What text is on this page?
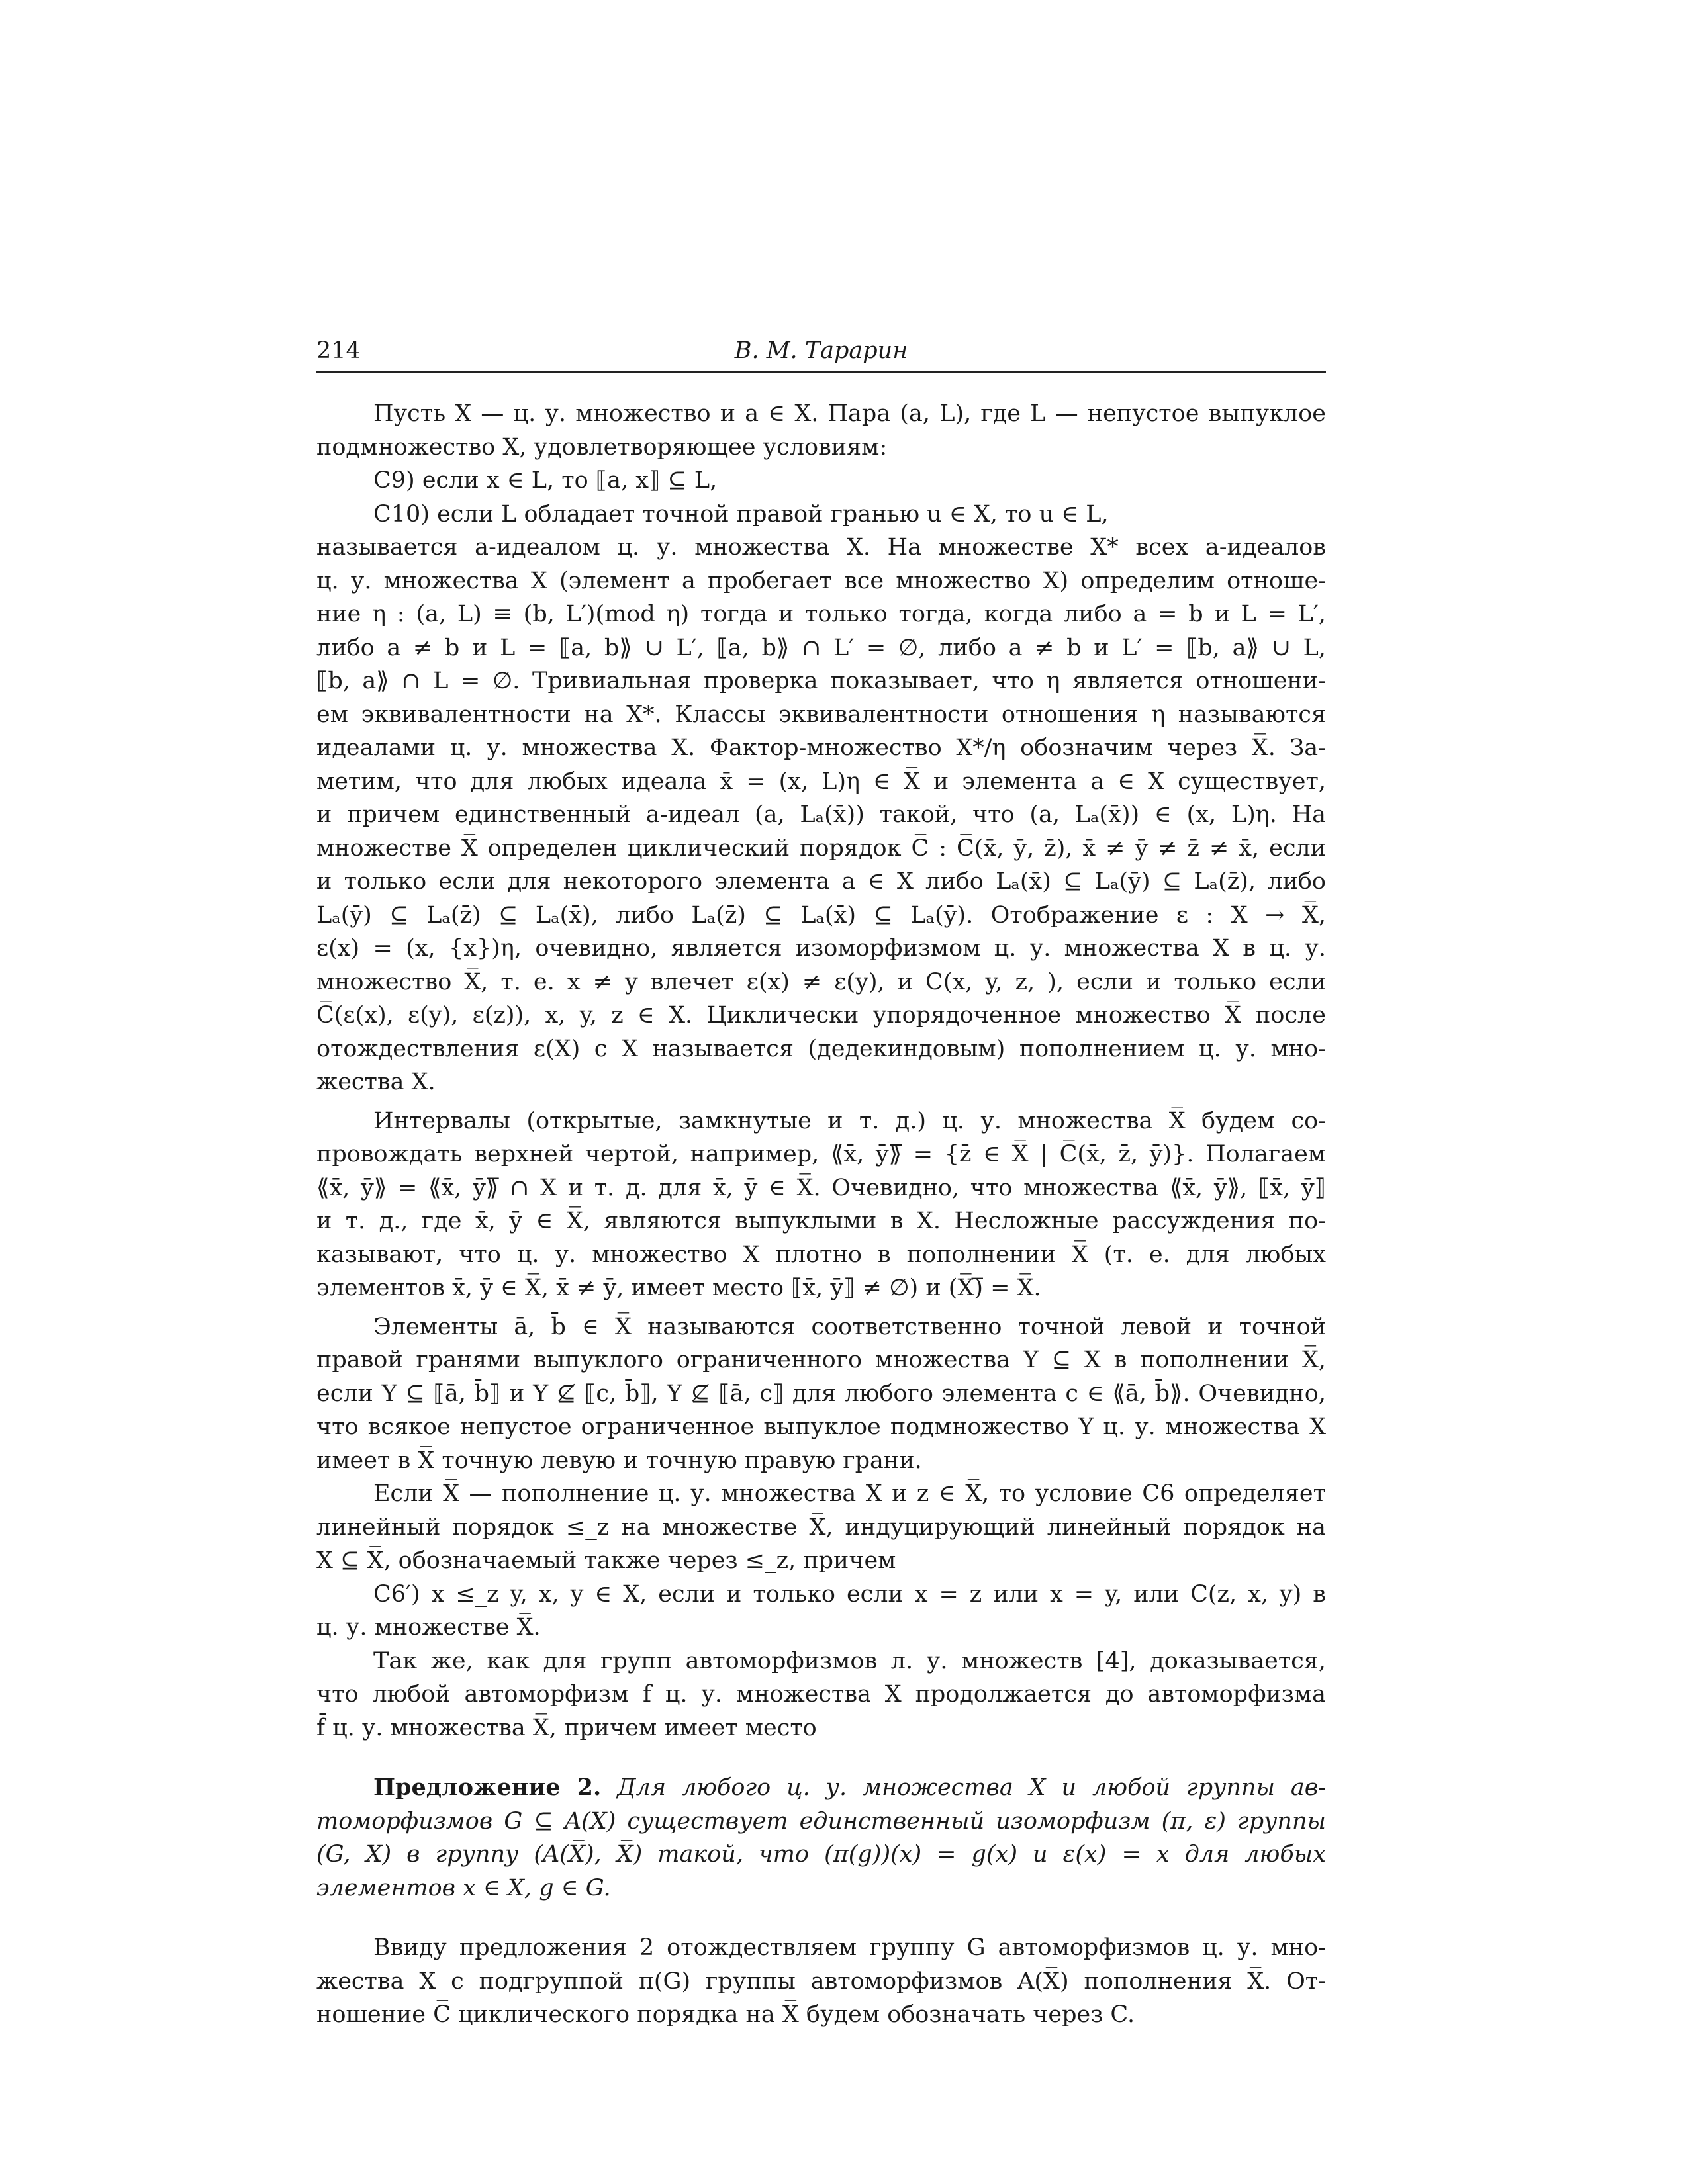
214	В. М. Тарарин
Пусть X — ц. у. множество и a ∈ X. Пара (a, L), где L — непустое выпуклое
подмножество X, удовлетворяющее условиям:
C9) если x ∈ L, то ⟦a, x⟧ ⊆ L,
C10) если L обладает точной правой гранью u ∈ X, то u ∈ L,
называется a-идеалом ц. у. множества X. На множестве X* всех a-идеалов
ц. у. множества X (элемент a пробегает все множество X) определим отноше-
ние η : (a, L) ≡ (b, L′)(mod η) тогда и только тогда, когда либо a = b и L = L′,
либо a ≠ b и L = ⟦a, b⟫ ∪ L′, ⟦a, b⟫ ∩ L′ = ∅, либо a ≠ b и L′ = ⟦b, a⟫ ∪ L,
⟦b, a⟫ ∩ L = ∅. Тривиальная проверка показывает, что η является отношени-
ем эквивалентности на X*. Классы эквивалентности отношения η называются
идеалами ц. у. множества X. Фактор-множество X*/η обозначим через X̅. За-
метим, что для любых идеала x̄ = (x, L)η ∈ X̅ и элемента a ∈ X существует,
и причем единственный a-идеал (a, Lₐ(x̄)) такой, что (a, Lₐ(x̄)) ∈ (x, L)η. На
множестве X̅ определен циклический порядок C̅ : C̅(x̄, ȳ, z̄), x̄ ≠ ȳ ≠ z̄ ≠ x̄, если
и только если для некоторого элемента a ∈ X либо Lₐ(x̄) ⊆ Lₐ(ȳ) ⊆ Lₐ(z̄), либо
Lₐ(ȳ) ⊆ Lₐ(z̄) ⊆ Lₐ(x̄), либо Lₐ(z̄) ⊆ Lₐ(x̄) ⊆ Lₐ(ȳ). Отображение ε : X → X̅,
ε(x) = (x, {x})η, очевидно, является изоморфизмом ц. у. множества X в ц. у.
множество X̅, т. е. x ≠ y влечет ε(x) ≠ ε(y), и C(x, y, z, ), если и только если
C̅(ε(x), ε(y), ε(z)), x, y, z ∈ X. Циклически упорядоченное множество X̅ после
отождествления ε(X) с X называется (дедекиндовым) пополнением ц. у. мно-
жества X.
Интервалы (открытые, замкнутые и т. д.) ц. у. множества X̅ будем со-
провождать верхней чертой, например, ⟪x̄, ȳ⟫̅ = {z̄ ∈ X̅ | C̅(x̄, z̄, ȳ)}. Полагаем
⟪x̄, ȳ⟫ = ⟪x̄, ȳ⟫̅ ∩ X и т. д. для x̄, ȳ ∈ X̅. Очевидно, что множества ⟪x̄, ȳ⟫, ⟦x̄, ȳ⟧
и т. д., где x̄, ȳ ∈ X̅, являются выпуклыми в X. Несложные рассуждения по-
казывают, что ц. у. множество X плотно в пополнении X̅ (т. е. для любых
элементов x̄, ȳ ∈ X̅, x̄ ≠ ȳ, имеет место ⟦x̄, ȳ⟧ ≠ ∅) и (X̅)̅ = X̅.
Элементы ā, b̄ ∈ X̅ называются соответственно точной левой и точной
правой гранями выпуклого ограниченного множества Y ⊆ X в пополнении X̅,
если Y ⊆ ⟦ā, b̄⟧ и Y ⊈ ⟦c, b̄⟧, Y ⊈ ⟦ā, c⟧ для любого элемента c ∈ ⟪ā, b̄⟫. Очевидно,
что всякое непустое ограниченное выпуклое подмножество Y ц. у. множества X
имеет в X̅ точную левую и точную правую грани.
Если X̅ — пополнение ц. у. множества X и z ∈ X̅, то условие C6 определяет
линейный порядок ≤_z на множестве X̅, индуцирующий линейный порядок на
X ⊆ X̅, обозначаемый также через ≤_z, причем
C6′) x ≤_z y, x, y ∈ X, если и только если x = z или x = y, или C(z, x, y) в
ц. у. множестве X̅.
Так же, как для групп автоморфизмов л. у. множеств [4], доказывается,
что любой автоморфизм f ц. у. множества X продолжается до автоморфизма
f̄ ц. у. множества X̅, причем имеет место
Предложение 2. Для любого ц. у. множества X и любой группы ав-
томорфизмов G ⊆ A(X) существует единственный изоморфизм (π, ε) группы
(G, X) в группу (A(X̅), X̅) такой, что (π(g))(x) = g(x) и ε(x) = x для любых
элементов x ∈ X, g ∈ G.
Ввиду предложения 2 отождествляем группу G автоморфизмов ц. у. мно-
жества X с подгруппой π(G) группы автоморфизмов A(X̅) пополнения X̅. От-
ношение C̅ циклического порядка на X̅ будем обозначать через C.
